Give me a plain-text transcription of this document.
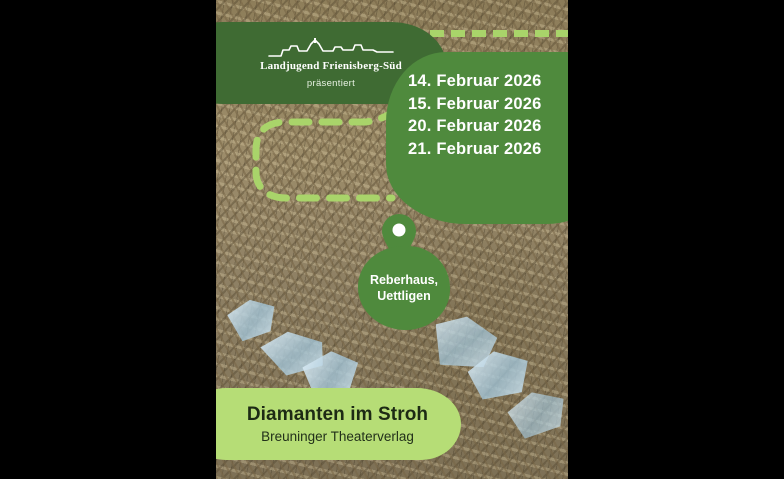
Landjugend Frienisberg-Süd
präsentiert	14. Februar 2026
15. Februar 2026
20. Februar 2026
21. Februar 2026
Reberhaus,
Uettligen
Diamanten im Stroh
Breuninger Theaterverlag
